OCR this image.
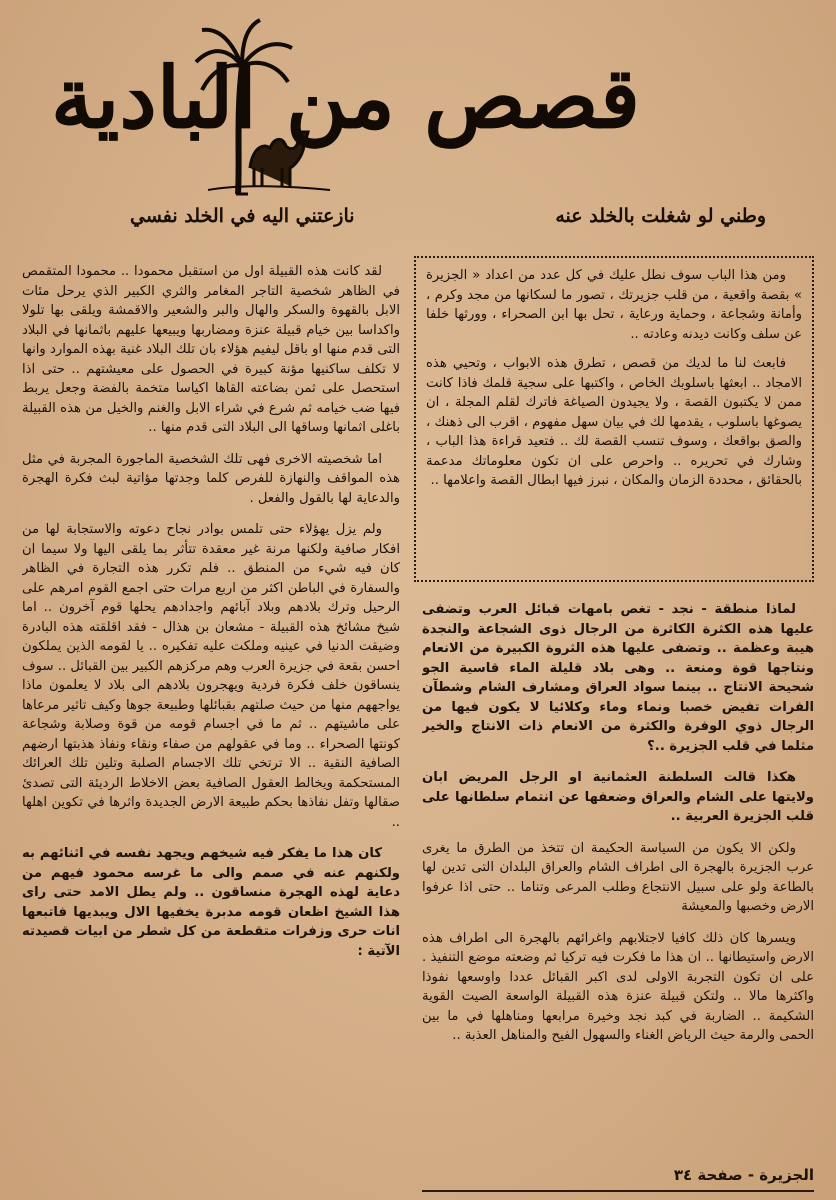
قصص من البادية
وطني لو شغلت بالخلد عنه
نازعتني اليه في الخلد نفسي

ومن هذا الباب سوف نطل عليك في كل عدد من اعداد « الجزيرة » بقصة واقعية ، من قلب جزيرتك ، تصور ما لسكانها من مجد وكرم ، وأمانة وشجاعة ، وحماية ورعاية ، تحل بها ابن الصحراء ، وورثها خلفا عن سلف وكانت ديدنه وعادته ..

فابعث لنا ما لديك من قصص ، تطرق هذه الابواب ، وتحيي هذه الامجاد .. ابعثها باسلوبك الخاص ، واكتبها على سجية قلمك فاذا كانت ممن لا يكتبون القصة ، ولا يجيدون الصياغة فاترك لقلم المجلة ، ان يصوغها باسلوب ، يقدمها لك في بيان سهل مفهوم ، اقرب الى ذهنك ، والصق بواقعك ، وسوف تنسب القصة لك .. فتعيد قراءة هذا الباب ، وشارك في تحريره .. واحرص على ان تكون معلوماتك مدعمة بالحقائق ، محددة الزمان والمكان ، نبرز فيها ابطال القصة واعلامها ..

لقد كانت هذه القبيلة اول من استقبل محمودا .. محمودا المتقمص في الظاهر شخصية التاجر المغامر والثري الكبير الذي يرحل مئات الابل بالقهوة والسكر والهال والبر والشعير والاقمشة ويلقى بها تلولا واكداسا بين خيام قبيلة عنزة ومضاربها ويبيعها عليهم باثمانها في البلاد التى قدم منها او باقل ليفيم هؤلاء بان تلك البلاد غنية بهذه الموارد وانها لا تكلف ساكنيها مؤنة كبيرة في الحصول على معيشتهم .. حتى اذا استحصل على ثمن بضاعته القاها اكياسا متخمة بالفضة وجعل يربط فيها ضب خيامه ثم شرع في شراء الابل والغنم والخيل من هذه القبيلة باغلى اثمانها وساقها الى البلاد التى قدم منها ..

اما شخصيته الاخرى فهى تلك الشخصية الماجورة المجربة في مثل هذه المواقف والنهازة للفرص كلما وجدتها مؤاتية لبث فكرة الهجرة والدعاية لها بالقول والفعل .

ولم يزل يهؤلاء حتى تلمس بوادر نجاح دعوته والاستجابة لها من افكار صافية ولكنها مرنة غير معقدة تتأثر بما يلقى اليها ولا سيما ان كان فيه شيء من المنطق .. فلم تكرر هذه التجارة في الظاهر والسفارة في الباطن اكثر من اربع مرات حتى اجمع القوم امرهم على الرحيل وترك بلادهم وبلاد آبائهم واجدادهم يحلها قوم آخرون .. اما شيخ مشائخ هذه القبيلة - مشعان بن هذال - فقد اقلقته هذه البادرة وضيقت الدنيا في عينيه وملكت عليه تفكيره .. يا لقومه الذين يملكون احسن بقعة في جزيرة العرب وهم مركزهم الكبير بين القبائل .. سوف ينساقون خلف فكرة فردية ويهجرون بلادهم الى بلاد لا يعلمون ماذا يواجههم منها من حيث صلتهم بقبائلها وطبيعة جوها وكيف تاثير مرعاها على ماشيتهم .. ثم ما في اجسام قومه من قوة وصلابة وشجاعة كونتها الصحراء .. وما في عقولهم من صفاء ونقاء ونفاذ هذبتها ارضهم الصافية النقية .. الا ترتخي تلك الاجسام الصلبة وتلين تلك العرائك المستحكمة ويخالط العقول الصافية بعض الاخلاط الرديئة التى تصدئ صقالها وتفل نفاذها بحكم طبيعة الارض الجديدة واثرها في تكوين اهلها ..

كان هذا ما يفكر فيه شيخهم ويجهد نفسه في اثنائهم به ولكنهم عنه في صمم والى ما غرسه محمود فيهم من دعاية لهذه الهجرة منساقون .. ولم يطل الامد حتى راى هذا الشيخ اظعان قومه مدبرة يخفيها الال ويبديها فاتبعها انات حرى وزفرات متقطعة من كل شطر من ابيات قصيدته الآتية :

لماذا منطقة - نجد - تغص بامهات قبائل العرب وتضفى عليها هذه الكثرة الكاثرة من الرجال ذوى الشجاعة والنجدة هيبة وعظمة .. وتضفى عليها هذه الثروة الكبيرة من الانعام ونتاجها قوة ومنعة .. وهى بلاد قليلة الماء قاسية الجو شحيحة الانتاج .. بينما سواد العراق ومشارف الشام وشطآن الفرات تفيض خصبا ونماء وماء وكلائيا لا يكون فيها من الرجال ذوي الوفرة والكثرة من الانعام ذات الانتاج والخير مثلما في قلب الجزيرة ..؟

هكذا قالت السلطنة العثمانية او الرجل المريض ابان ولايتها على الشام والعراق وضعفها عن انتمام سلطانها على قلب الجزيرة العربية ..

ولكن الا يكون من السياسة الحكيمة ان تتخذ من الطرق ما يغرى عرب الجزيرة بالهجرة الى اطراف الشام والعراق البلدان التى تدين لها بالطاعة ولو على سبيل الانتجاع وطلب المرعى وتناما .. حتى اذا عرفوا الارض وخصبها والمعيشة

ويسرها كان ذلك كافيا لاجتلابهم واغرائهم بالهجرة الى اطراف هذه الارض واستيطانها .. ان هذا ما فكرت فيه تركيا ثم وضعته موضع التنفيذ . على ان تكون التجربة الاولى لدى اكبر القبائل عددا واوسعها نفوذا واكثرها مالا .. ولتكن قبيلة عنزة هذه القبيلة الواسعة الصيت القوية الشكيمة .. الضاربة في كبد نجد وخيرة مرابعها ومناهلها في ما بين الحمى والرمة حيث الرياض الغناء والسهول الفيح والمناهل العذبة ..

الجزيرة - صفحة ٣٤
